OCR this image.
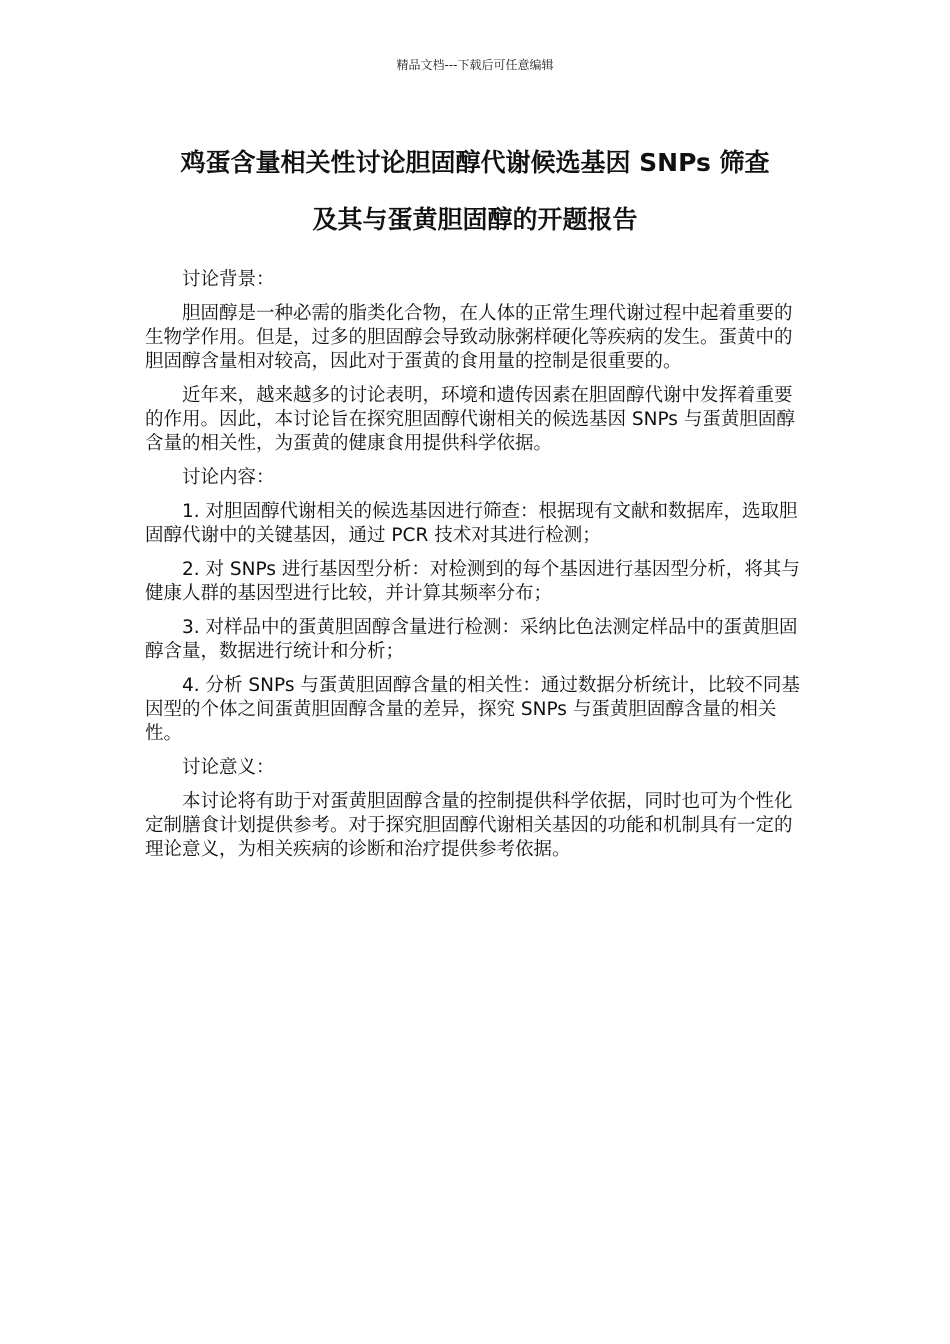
精品文档---下载后可任意编辑
鸡蛋含量相关性讨论胆固醇代谢候选基因 SNPs 筛查
及其与蛋黄胆固醇的开题报告

讨论背景：

胆固醇是一种必需的脂类化合物，在人体的正常生理代谢过程中起着重要的生物学作用。但是，过多的胆固醇会导致动脉粥样硬化等疾病的发生。蛋黄中的胆固醇含量相对较高，因此对于蛋黄的食用量的控制是很重要的。

近年来，越来越多的讨论表明，环境和遗传因素在胆固醇代谢中发挥着重要的作用。因此，本讨论旨在探究胆固醇代谢相关的候选基因 SNPs 与蛋黄胆固醇含量的相关性，为蛋黄的健康食用提供科学依据。

讨论内容：

1. 对胆固醇代谢相关的候选基因进行筛查：根据现有文献和数据库，选取胆固醇代谢中的关键基因，通过 PCR 技术对其进行检测；

2. 对 SNPs 进行基因型分析：对检测到的每个基因进行基因型分析，将其与健康人群的基因型进行比较，并计算其频率分布；

3. 对样品中的蛋黄胆固醇含量进行检测：采纳比色法测定样品中的蛋黄胆固醇含量，数据进行统计和分析；

4. 分析 SNPs 与蛋黄胆固醇含量的相关性：通过数据分析统计，比较不同基因型的个体之间蛋黄胆固醇含量的差异，探究 SNPs 与蛋黄胆固醇含量的相关性。

讨论意义：

本讨论将有助于对蛋黄胆固醇含量的控制提供科学依据，同时也可为个性化定制膳食计划提供参考。对于探究胆固醇代谢相关基因的功能和机制具有一定的理论意义，为相关疾病的诊断和治疗提供参考依据。
